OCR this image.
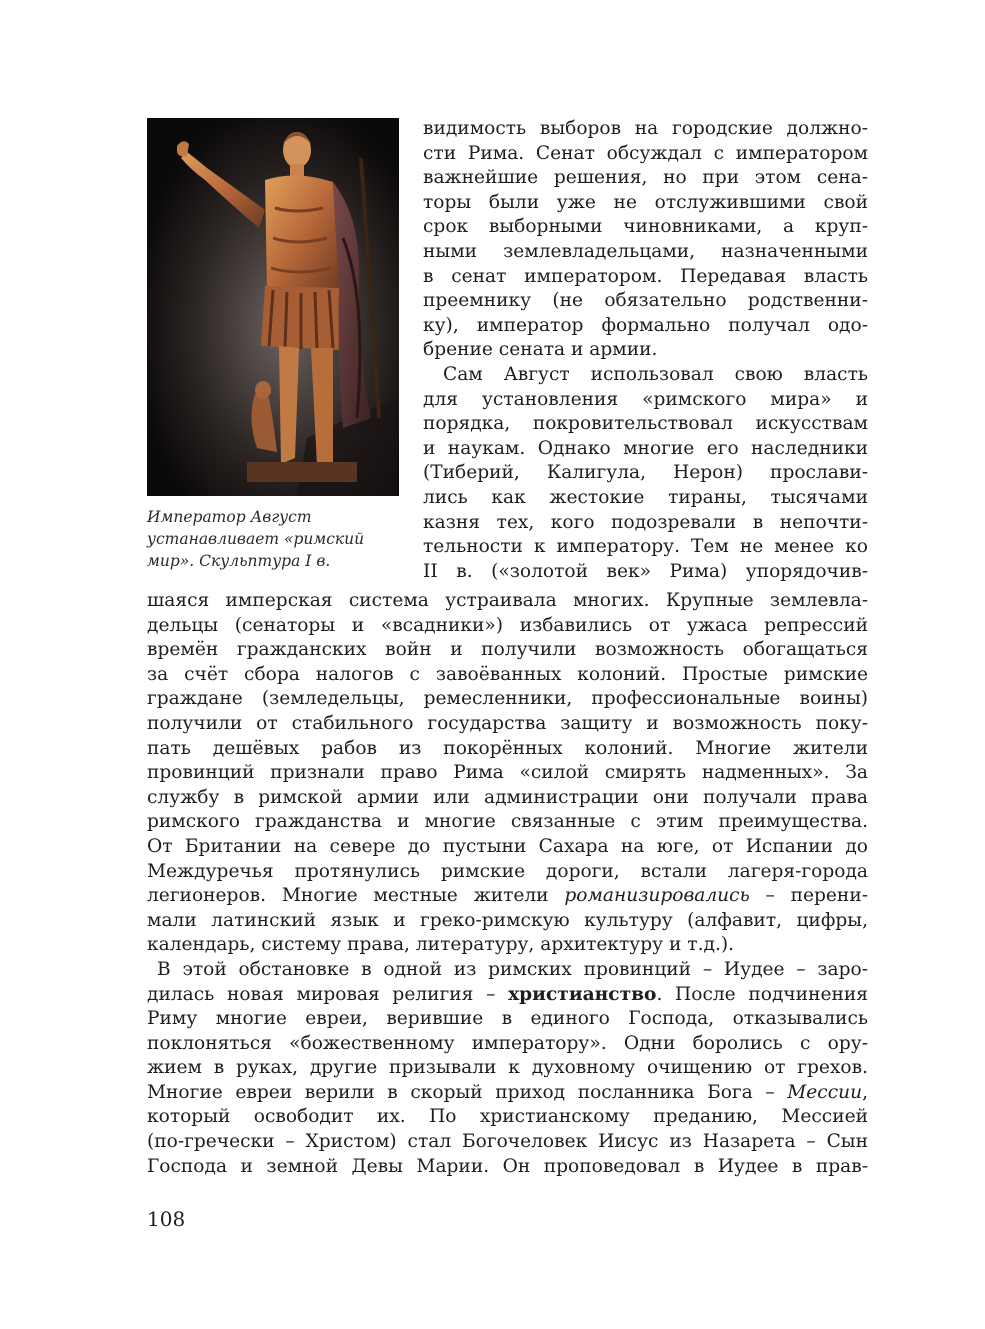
Император Август
устанавливает «римский
мир». Скульптура I в.
видимость выборов на городские должно-
сти Рима. Сенат обсуждал с императором
важнейшие решения, но при этом сена-
торы были уже не отслужившими свой
срок выборными чиновниками, а круп-
ными землевладельцами, назначенными
в сенат императором. Передавая власть
преемнику (не обязательно родственни-
ку), император формально получал одо-
брение сената и армии.
Сам Август использовал свою власть
для установления «римского мира» и
порядка, покровительствовал искусствам
и наукам. Однако многие его наследники
(Тиберий, Калигула, Нерон) прослави-
лись как жестокие тираны, тысячами
казня тех, кого подозревали в непочти-
тельности к императору. Тем не менее ко
II в. («золотой век» Рима) упорядочив-
шаяся имперская система устраивала многих. Крупные землевла-
дельцы (сенаторы и «всадники») избавились от ужаса репрессий
времён гражданских войн и получили возможность обогащаться
за счёт сбора налогов с завоёванных колоний. Простые римские
граждане (земледельцы, ремесленники, профессиональные воины)
получили от стабильного государства защиту и возможность поку-
пать дешёвых рабов из покорённых колоний. Многие жители
провинций признали право Рима «силой смирять надменных». За
службу в римской армии или администрации они получали права
римского гражданства и многие связанные с этим преимущества.
От Британии на севере до пустыни Сахара на юге, от Испании до
Междуречья протянулись римские дороги, встали лагеря-города
легионеров. Многие местные жители романизировались – перени-
мали латинский язык и греко-римскую культуру (алфавит, цифры,
календарь, систему права, литературу, архитектуру и т.д.).
В этой обстановке в одной из римских провинций – Иудее – заро-
дилась новая мировая религия – христианство. После подчинения
Риму многие евреи, верившие в единого Господа, отказывались
поклоняться «божественному императору». Одни боролись с ору-
жием в руках, другие призывали к духовному очищению от грехов.
Многие евреи верили в скорый приход посланника Бога – Мессии,
который освободит их. По христианскому преданию, Мессией
(по-гречески – Христом) стал Богочеловек Иисус из Назарета – Сын
Господа и земной Девы Марии. Он проповедовал в Иудее в прав-
108
